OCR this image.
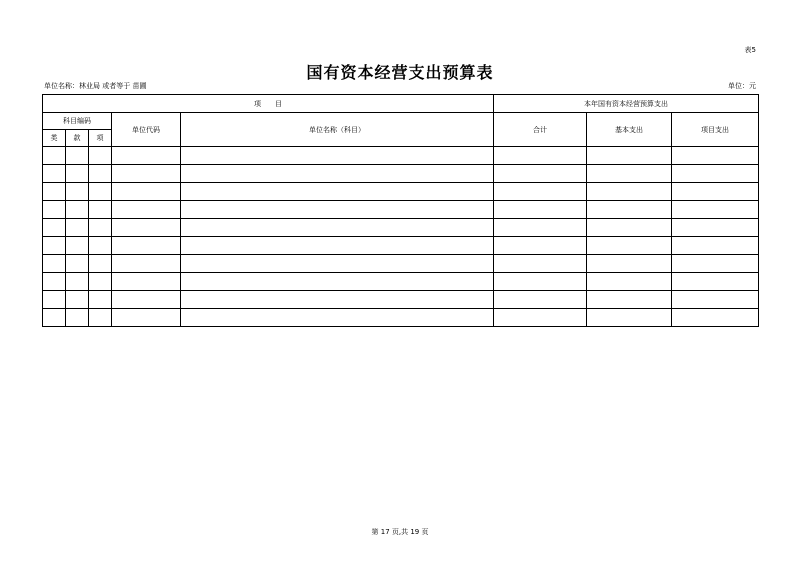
表5
国有资本经营支出预算表
单位名称：林业局 或者等于 苗圃	单位：元
项　　目					本年国有资本经营预算支出		
科目编码			单位代码	单位名称（科目）	合计	基本支出	项目支出
类	款	项					

第 17 页,共 19 页
